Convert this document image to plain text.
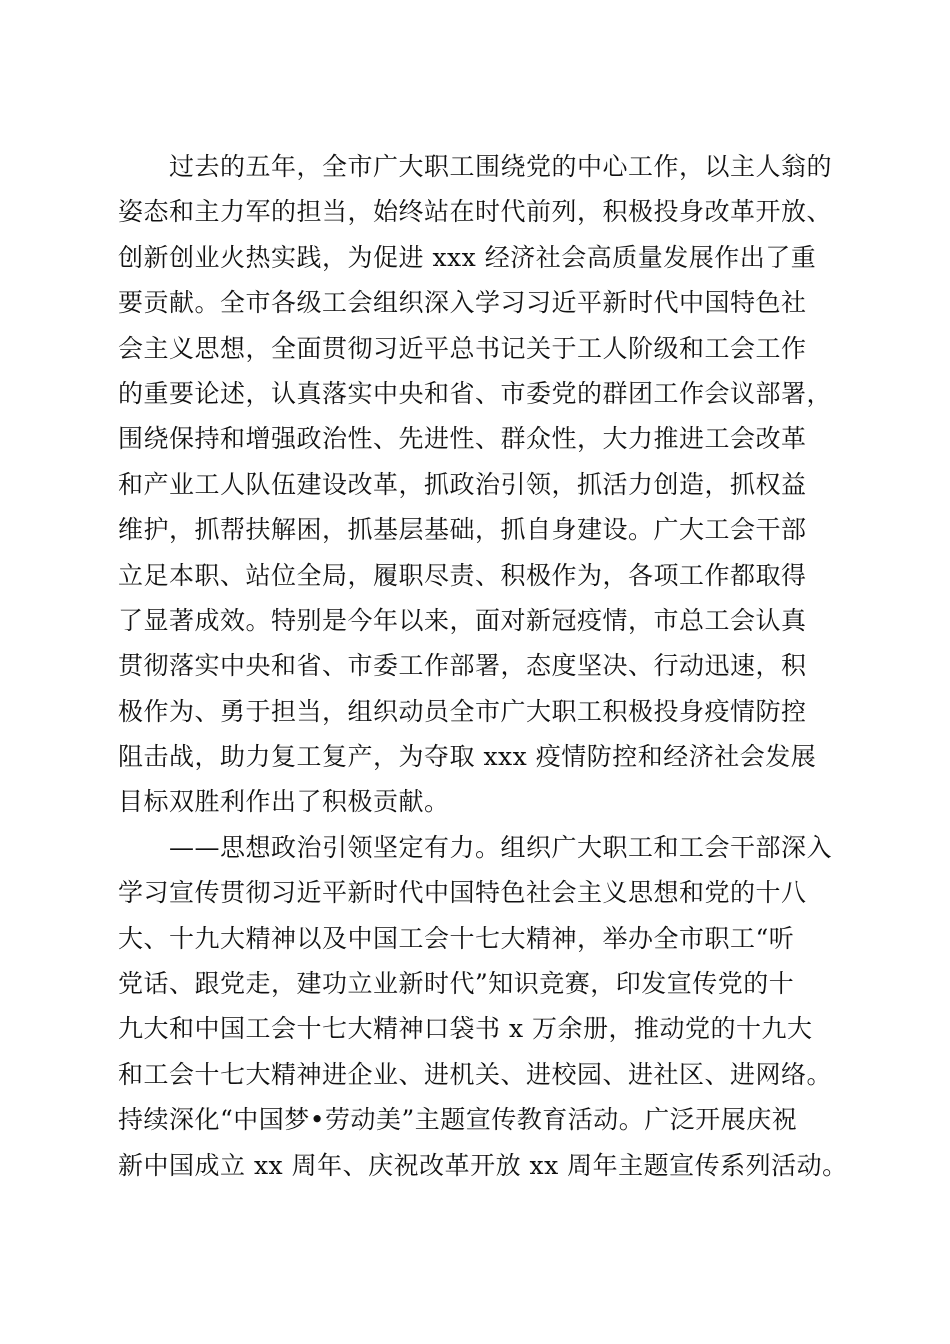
　　过去的五年，全市广大职工围绕党的中心工作，以主人翁的
姿态和主力军的担当，始终站在时代前列，积极投身改革开放、
创新创业火热实践，为促进 xxx 经济社会高质量发展作出了重
要贡献。全市各级工会组织深入学习习近平新时代中国特色社
会主义思想，全面贯彻习近平总书记关于工人阶级和工会工作
的重要论述，认真落实中央和省、市委党的群团工作会议部署，
围绕保持和增强政治性、先进性、群众性，大力推进工会改革
和产业工人队伍建设改革，抓政治引领，抓活力创造，抓权益
维护，抓帮扶解困，抓基层基础，抓自身建设。广大工会干部
立足本职、站位全局，履职尽责、积极作为，各项工作都取得
了显著成效。特别是今年以来，面对新冠疫情，市总工会认真
贯彻落实中央和省、市委工作部署，态度坚决、行动迅速，积
极作为、勇于担当，组织动员全市广大职工积极投身疫情防控
阻击战，助力复工复产，为夺取 xxx 疫情防控和经济社会发展
目标双胜利作出了积极贡献。
　　——思想政治引领坚定有力。组织广大职工和工会干部深入
学习宣传贯彻习近平新时代中国特色社会主义思想和党的十八
大、十九大精神以及中国工会十七大精神，举办全市职工“听
党话、跟党走，建功立业新时代”知识竞赛，印发宣传党的十
九大和中国工会十七大精神口袋书 x 万余册，推动党的十九大
和工会十七大精神进企业、进机关、进校园、进社区、进网络。
持续深化“中国梦•劳动美”主题宣传教育活动。广泛开展庆祝
新中国成立 xx 周年、庆祝改革开放 xx 周年主题宣传系列活动。
